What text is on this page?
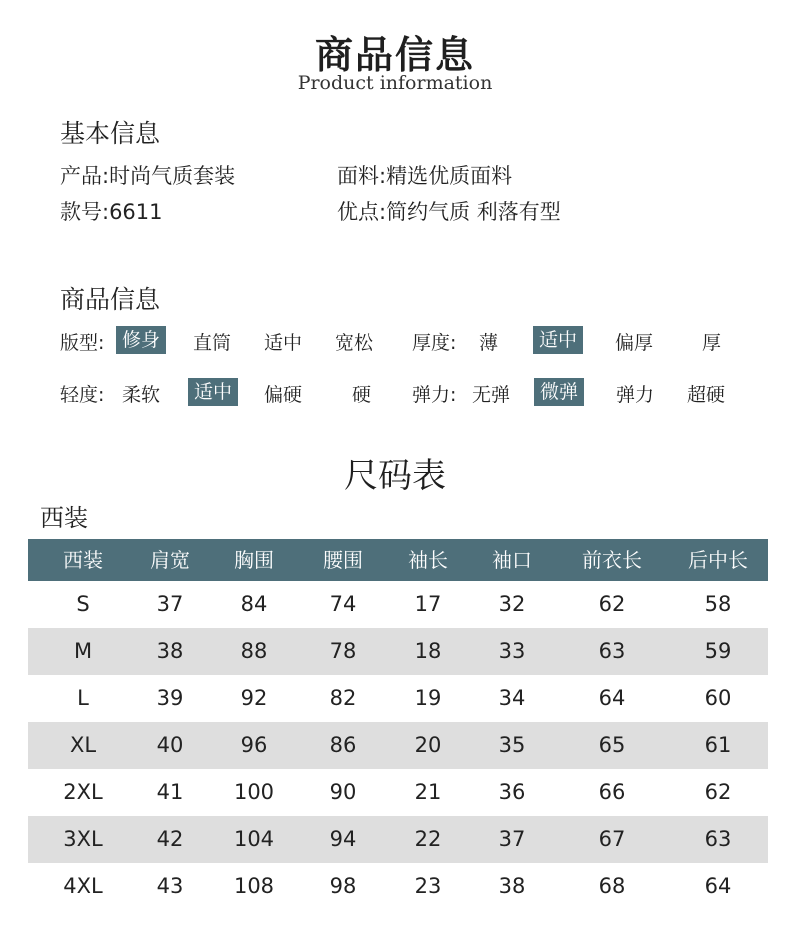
商品信息
Product information
基本信息
产品:时尚气质套装	面料:精选优质面料
款号:6611	优点:简约气质 利落有型
商品信息
版型: 修身	直筒 适中 宽松 厚度: 薄	适中	偏厚	厚
轻度: 柔软	适中	偏硬	硬 弹力: 无弹	微弹	弹力 超硬
尺码表
西装
西装	肩宽	胸围	腰围	袖长	袖口	前衣长	后中长
S	37	84	74	17	32	62	58
M	38	88	78	18	33	63	59
L	39	92	82	19	34	64	60
XL	40	96	86	20	35	65	61
2XL	41	100	90	21	36	66	62
3XL	42	104	94	22	37	67	63
4XL	43	108	98	23	38	68	64
